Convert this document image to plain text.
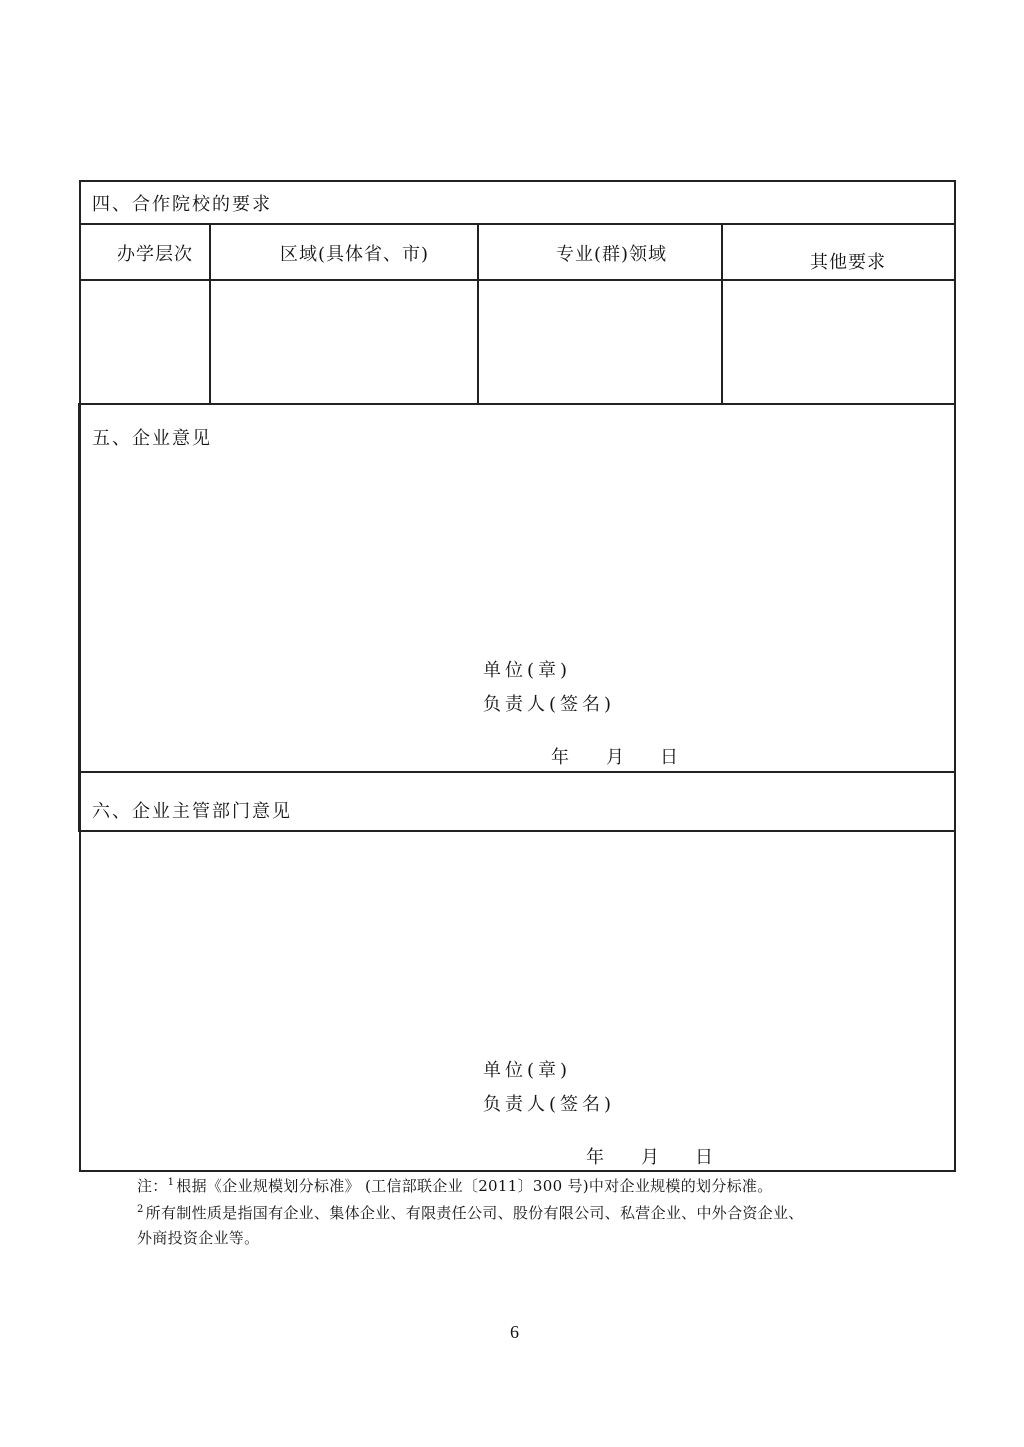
四、合作院校的要求
办学层次	区域(具体省、市)	专业(群)领域	其他要求
五、企业意见
单位(章)
负责人(签名)
年 月 日
六、企业主管部门意见
单位(章)
负责人(签名)
年 月 日
注：$^1$ 根据《企业规模划分标准》 (工信部联企业〔2011〕300 号)中对企业规模的划分标准。
$^2$ 所有制性质是指国有企业、集体企业、有限责任公司、股份有限公司、私营企业、中外合资企业、
外商投资企业等。
6
